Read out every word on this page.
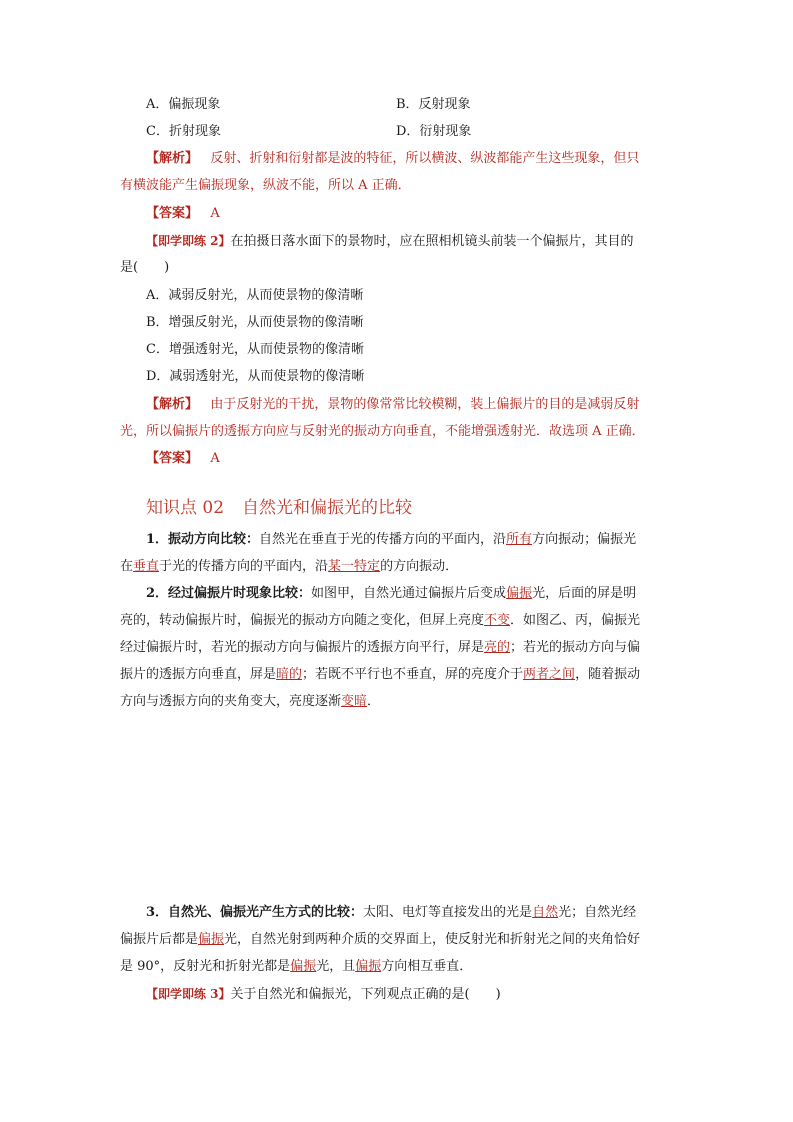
A．偏振现象	B．反射现象
C．折射现象	D．衍射现象
【解析】 反射、折射和衍射都是波的特征，所以横波、纵波都能产生这些现象，但只
有横波能产生偏振现象，纵波不能，所以 A 正确．
【答案】 A
【即学即练 2】在拍摄日落水面下的景物时，应在照相机镜头前装一个偏振片，其目的
是(　　)
A．减弱反射光，从而使景物的像清晰
B．增强反射光，从而使景物的像清晰
C．增强透射光，从而使景物的像清晰
D．减弱透射光，从而使景物的像清晰
【解析】 由于反射光的干扰，景物的像常常比较模糊，装上偏振片的目的是减弱反射
光，所以偏振片的透振方向应与反射光的振动方向垂直，不能增强透射光．故选项 A 正确．
【答案】 A
知识点 02 自然光和偏振光的比较
1．振动方向比较：自然光在垂直于光的传播方向的平面内，沿所有方向振动；偏振光
在垂直于光的传播方向的平面内，沿某一特定的方向振动．
2．经过偏振片时现象比较：如图甲，自然光通过偏振片后变成偏振光，后面的屏是明
亮的，转动偏振片时，偏振光的振动方向随之变化，但屏上亮度不变．如图乙、丙，偏振光
经过偏振片时，若光的振动方向与偏振片的透振方向平行，屏是亮的；若光的振动方向与偏
振片的透振方向垂直，屏是暗的；若既不平行也不垂直，屏的亮度介于两者之间，随着振动
方向与透振方向的夹角变大，亮度逐渐变暗．
3．自然光、偏振光产生方式的比较：太阳、电灯等直接发出的光是自然光；自然光经
偏振片后都是偏振光，自然光射到两种介质的交界面上，使反射光和折射光之间的夹角恰好
是 90°，反射光和折射光都是偏振光，且偏振方向相互垂直．
【即学即练 3】关于自然光和偏振光，下列观点正确的是(　　)
